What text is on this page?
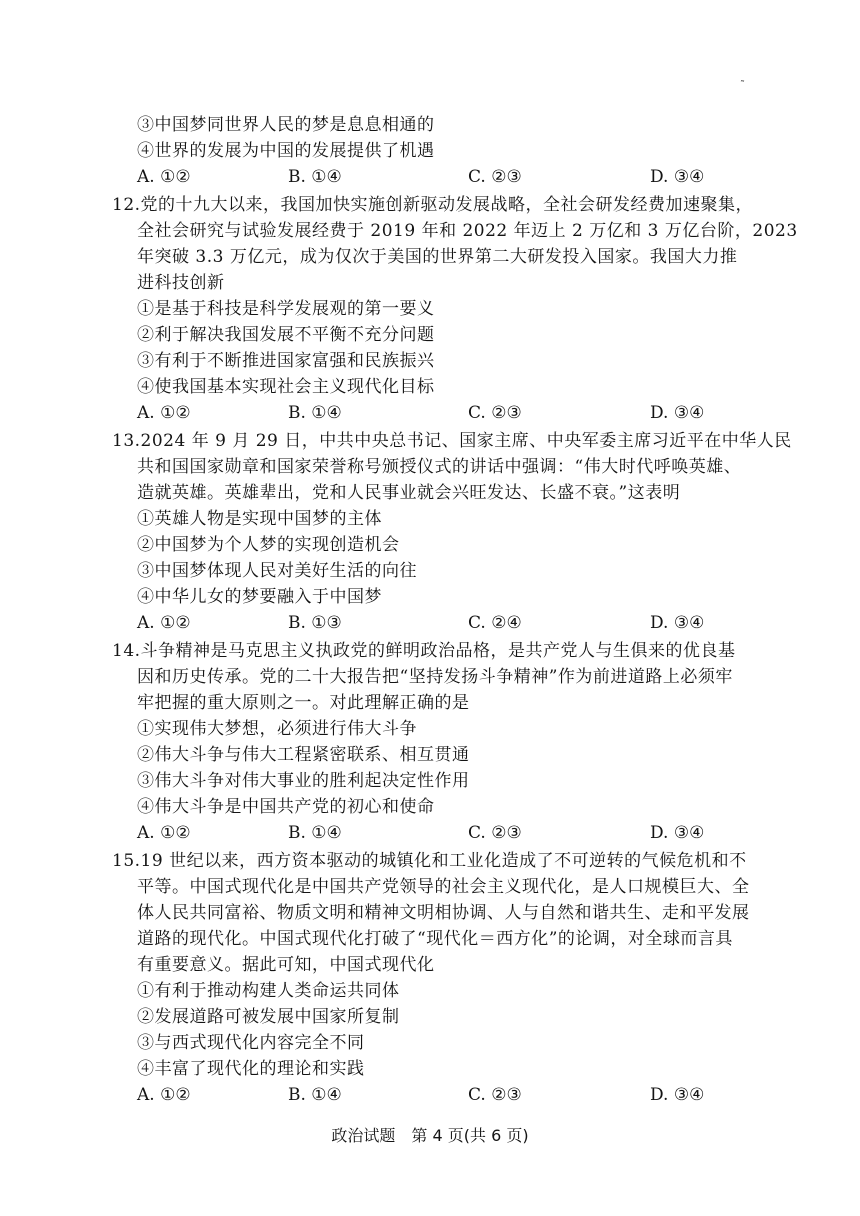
˜
③中国梦同世界人民的梦是息息相通的
④世界的发展为中国的发展提供了机遇
A. ①②	B. ①④	C. ②③	D. ③④
12.党的十九大以来，我国加快实施创新驱动发展战略，全社会研发经费加速聚集，
全社会研究与试验发展经费于 2019 年和 2022 年迈上 2 万亿和 3 万亿台阶，2023
年突破 3.3 万亿元，成为仅次于美国的世界第二大研发投入国家。我国大力推
进科技创新
①是基于科技是科学发展观的第一要义
②利于解决我国发展不平衡不充分问题
③有利于不断推进国家富强和民族振兴
④使我国基本实现社会主义现代化目标
A. ①②	B. ①④	C. ②③	D. ③④
13.2024 年 9 月 29 日，中共中央总书记、国家主席、中央军委主席习近平在中华人民
共和国国家勋章和国家荣誉称号颁授仪式的讲话中强调：“伟大时代呼唤英雄、
造就英雄。英雄辈出，党和人民事业就会兴旺发达、长盛不衰。”这表明
①英雄人物是实现中国梦的主体
②中国梦为个人梦的实现创造机会
③中国梦体现人民对美好生活的向往
④中华儿女的梦要融入于中国梦
A. ①②	B. ①③	C. ②④	D. ③④
14.斗争精神是马克思主义执政党的鲜明政治品格，是共产党人与生俱来的优良基
因和历史传承。党的二十大报告把“坚持发扬斗争精神”作为前进道路上必须牢
牢把握的重大原则之一。对此理解正确的是
①实现伟大梦想，必须进行伟大斗争
②伟大斗争与伟大工程紧密联系、相互贯通
③伟大斗争对伟大事业的胜利起决定性作用
④伟大斗争是中国共产党的初心和使命
A. ①②	B. ①④	C. ②③	D. ③④
15.19 世纪以来，西方资本驱动的城镇化和工业化造成了不可逆转的气候危机和不
平等。中国式现代化是中国共产党领导的社会主义现代化，是人口规模巨大、全
体人民共同富裕、物质文明和精神文明相协调、人与自然和谐共生、走和平发展
道路的现代化。中国式现代化打破了“现代化＝西方化”的论调，对全球而言具
有重要意义。据此可知，中国式现代化
①有利于推动构建人类命运共同体
②发展道路可被发展中国家所复制
③与西式现代化内容完全不同
④丰富了现代化的理论和实践
A. ①②	B. ①④	C. ②③	D. ③④
政治试题　第 4 页(共 6 页)
